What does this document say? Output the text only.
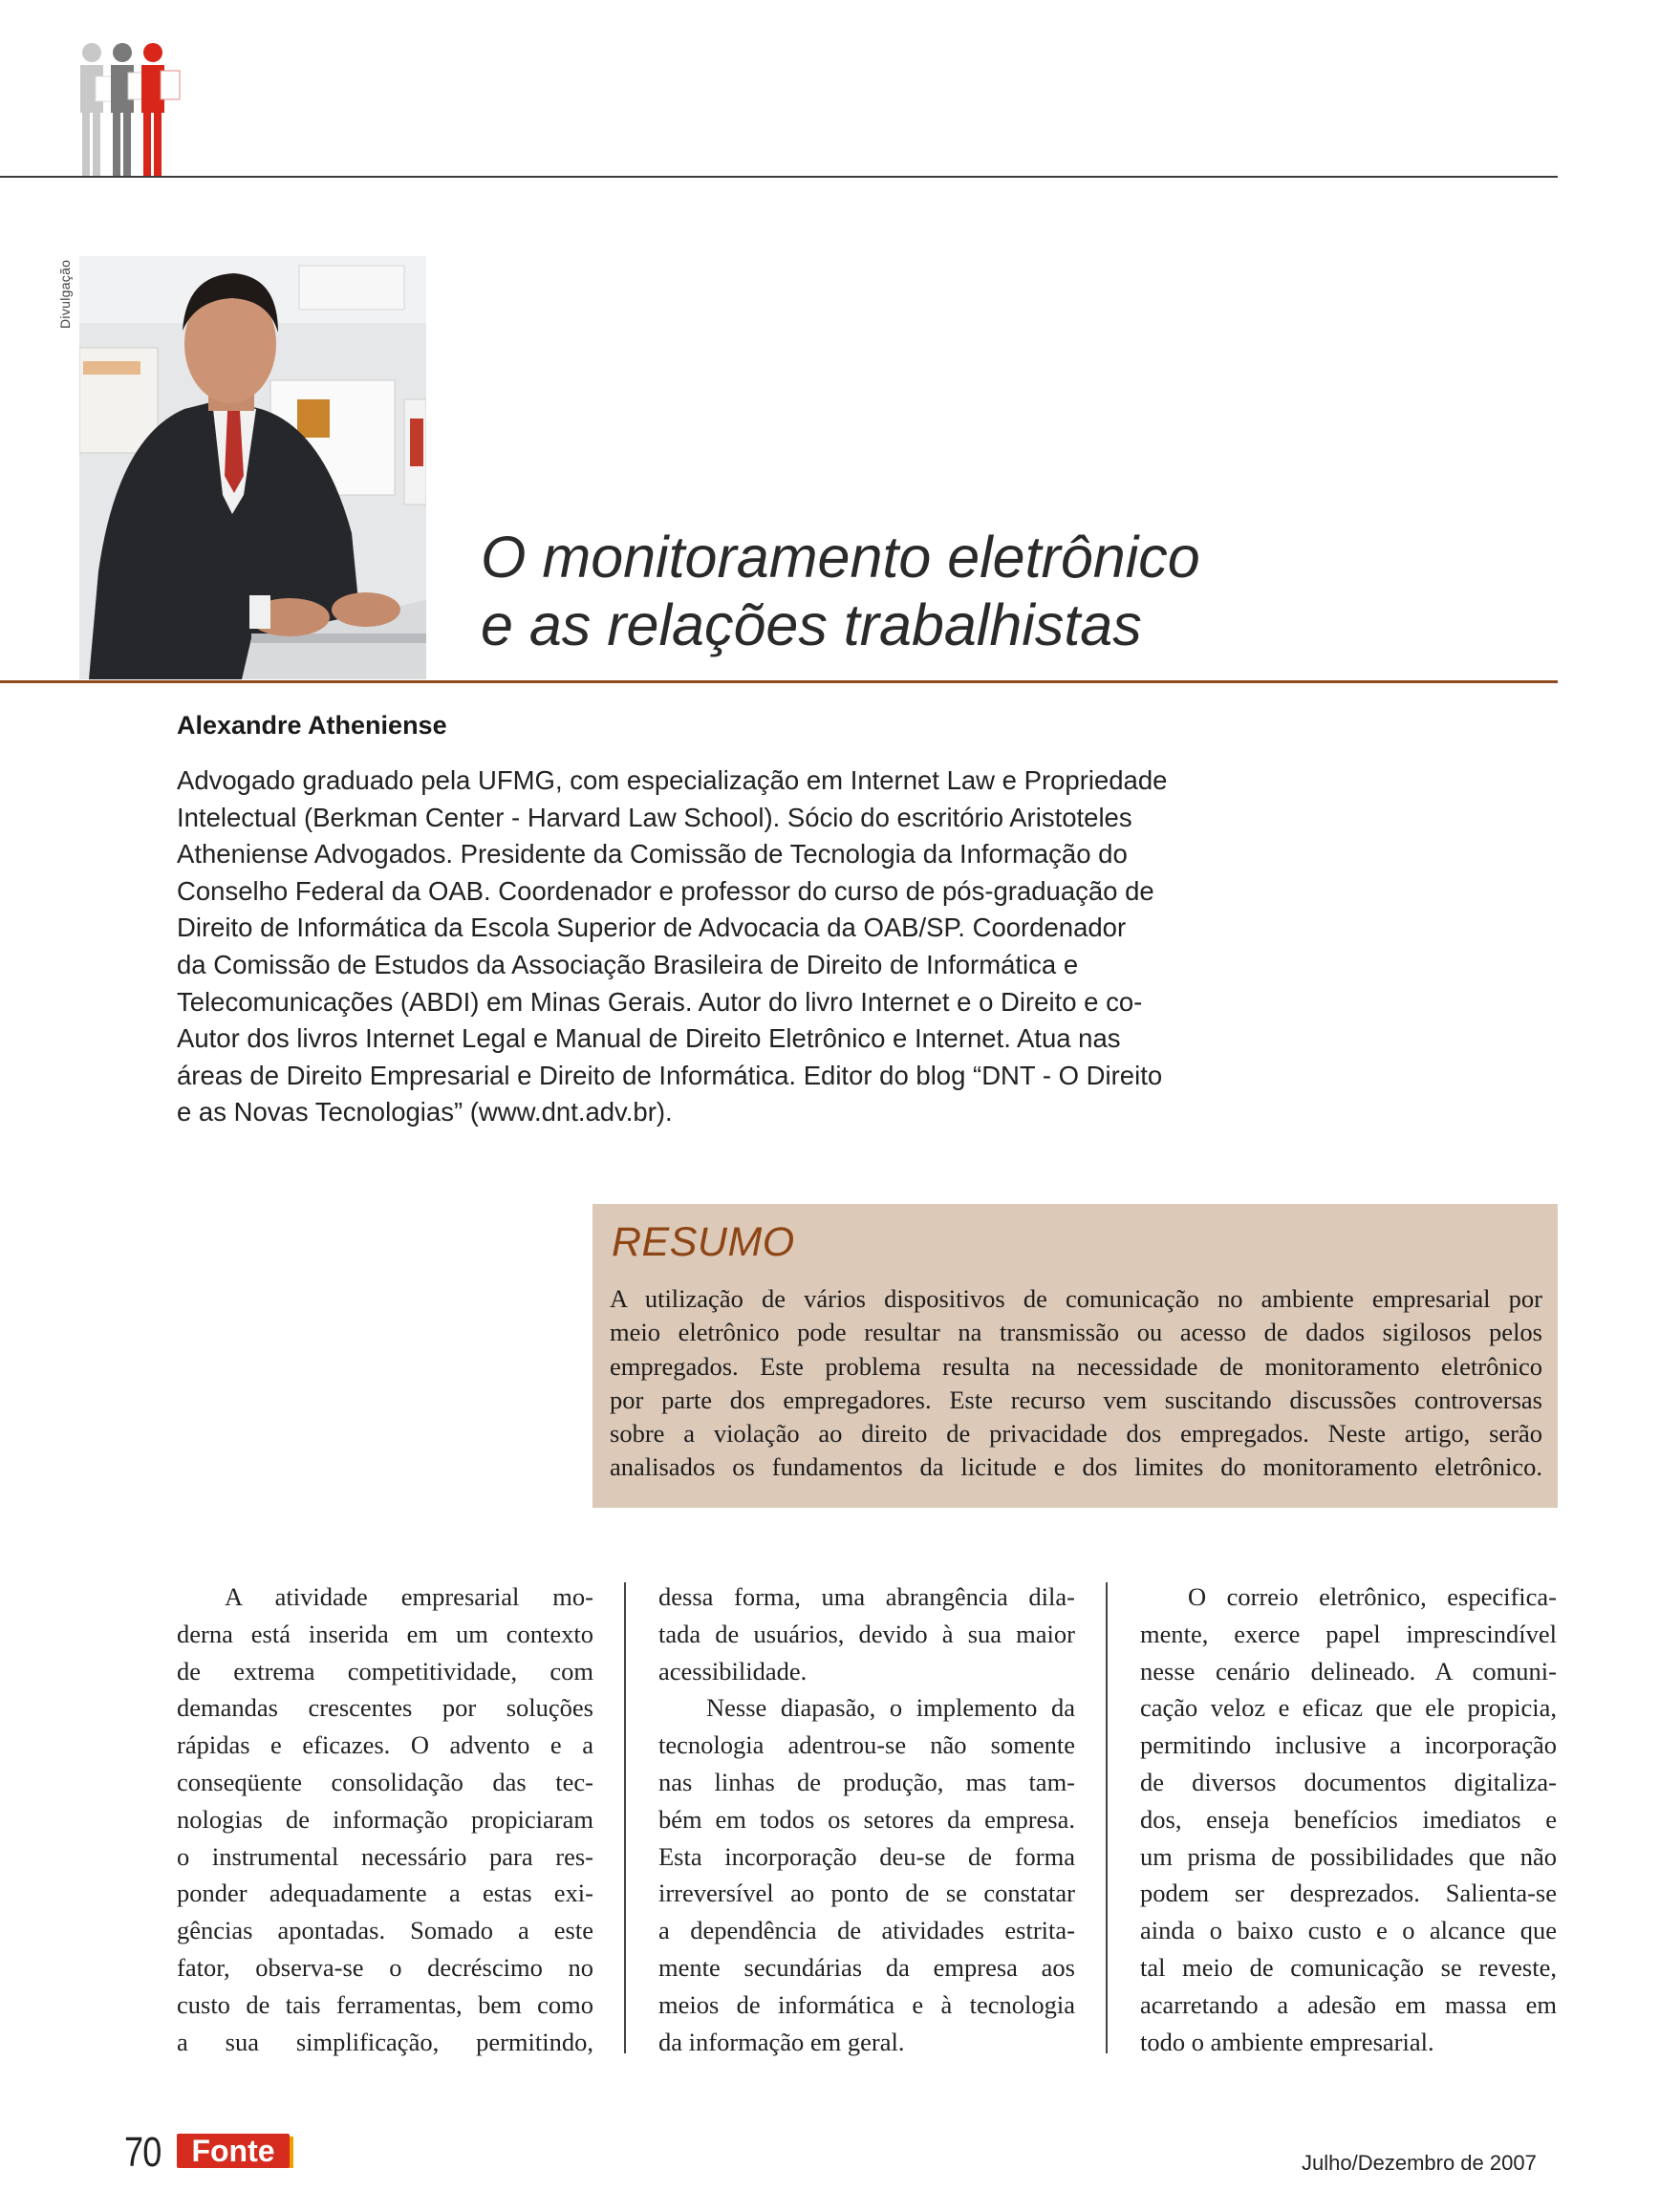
Divulgação
O monitoramento eletrônico
e as relações trabalhistas
Alexandre Atheniense
Advogado graduado pela UFMG, com especialização em Internet Law e Propriedade
Intelectual (Berkman Center - Harvard Law School). Sócio do escritório Aristoteles
Atheniense Advogados. Presidente da Comissão de Tecnologia da Informação do
Conselho Federal da OAB. Coordenador e professor do curso de pós-graduação de
Direito de Informática da Escola Superior de Advocacia da OAB/SP. Coordenador
da Comissão de Estudos da Associação Brasileira de Direito de Informática e
Telecomunicações (ABDI) em Minas Gerais. Autor do livro Internet e o Direito e co-
Autor dos livros Internet Legal e Manual de Direito Eletrônico e Internet. Atua nas
áreas de Direito Empresarial e Direito de Informática. Editor do blog “DNT - O Direito
e as Novas Tecnologias” (www.dnt.adv.br).
RESUMO
A utilização de vários dispositivos de comunicação no ambiente empresarial por
meio eletrônico pode resultar na transmissão ou acesso de dados sigilosos pelos
empregados. Este problema resulta na necessidade de monitoramento eletrônico
por parte dos empregadores. Este recurso vem suscitando discussões controversas
sobre a violação ao direito de privacidade dos empregados. Neste artigo, serão
analisados os fundamentos da licitude e dos limites do monitoramento eletrônico.
A atividade empresarial mo-
derna está inserida em um contexto
de extrema competitividade, com
demandas crescentes por soluções
rápidas e eficazes. O advento e a
conseqüente consolidação das tec-
nologias de informação propiciaram
o instrumental necessário para res-
ponder adequadamente a estas exi-
gências apontadas. Somado a este
fator, observa-se o decréscimo no
custo de tais ferramentas, bem como
a sua simplificação, permitindo,
dessa forma, uma abrangência dila-
tada de usuários, devido à sua maior
acessibilidade.
Nesse diapasão, o implemento da
tecnologia adentrou-se não somente
nas linhas de produção, mas tam-
bém em todos os setores da empresa.
Esta incorporação deu-se de forma
irreversível ao ponto de se constatar
a dependência de atividades estrita-
mente secundárias da empresa aos
meios de informática e à tecnologia
da informação em geral.
O correio eletrônico, especifica-
mente, exerce papel imprescindível
nesse cenário delineado. A comuni-
cação veloz e eficaz que ele propicia,
permitindo inclusive a incorporação
de diversos documentos digitaliza-
dos, enseja benefícios imediatos e
um prisma de possibilidades que não
podem ser desprezados. Salienta-se
ainda o baixo custo e o alcance que
tal meio de comunicação se reveste,
acarretando a adesão em massa em
todo o ambiente empresarial.
70 Fonte	Julho/Dezembro de 2007
